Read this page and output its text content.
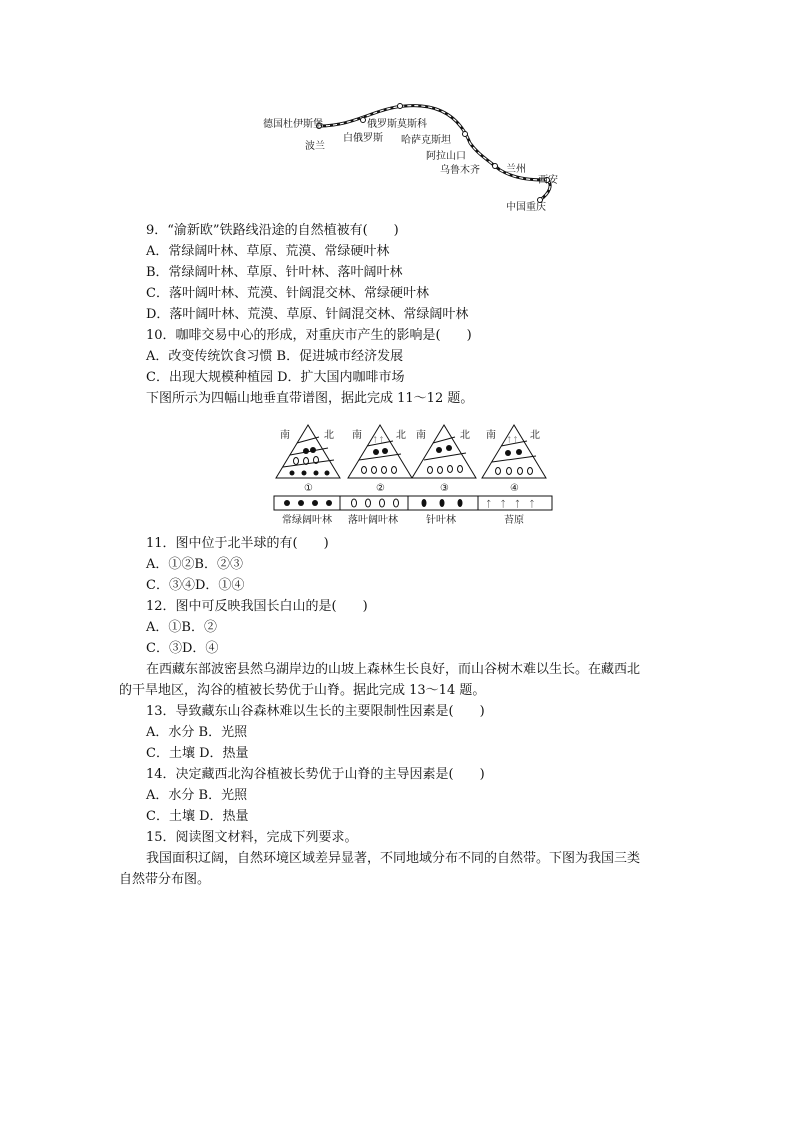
德国杜伊斯堡
波兰
白俄罗斯
俄罗斯莫斯科
哈萨克斯坦
阿拉山口
乌鲁木齐	兰州
西安
中国重庆
9．“渝新欧”铁路线沿途的自然植被有(　　)
A．常绿阔叶林、草原、荒漠、常绿硬叶林
B．常绿阔叶林、草原、针叶林、落叶阔叶林
C．落叶阔叶林、荒漠、针阔混交林、常绿硬叶林
D．落叶阔叶林、荒漠、草原、针阔混交林、常绿阔叶林
10．咖啡交易中心的形成，对重庆市产生的影响是(　　)
A．改变传统饮食习惯 B．促进城市经济发展
C．出现大规模种植园 D．扩大国内咖啡市场
下图所示为四幅山地垂直带谱图，据此完成 11～12 题。
南	北
①
南	北
ᛏ ᛏ
②
南	北
③
南	北
ᛏ ᛏ
④
ᛏ　ᛏ　ᛏ　ᛏ
常绿阔叶林 落叶阔叶林	针叶林	苔原
11．图中位于北半球的有(　　)
A．①②B．②③
C．③④D．①④
12．图中可反映我国长白山的是(　　)
A．①B．②
C．③D．④
在西藏东部波密县然乌湖岸边的山坡上森林生长良好，而山谷树木难以生长。在藏西北
的干旱地区，沟谷的植被长势优于山脊。据此完成 13～14 题。
13．导致藏东山谷森林难以生长的主要限制性因素是(　　)
A．水分 B．光照
C．土壤 D．热量
14．决定藏西北沟谷植被长势优于山脊的主导因素是(　　)
A．水分 B．光照
C．土壤 D．热量
15．阅读图文材料，完成下列要求。
我国面积辽阔，自然环境区域差异显著，不同地域分布不同的自然带。下图为我国三类
自然带分布图。
